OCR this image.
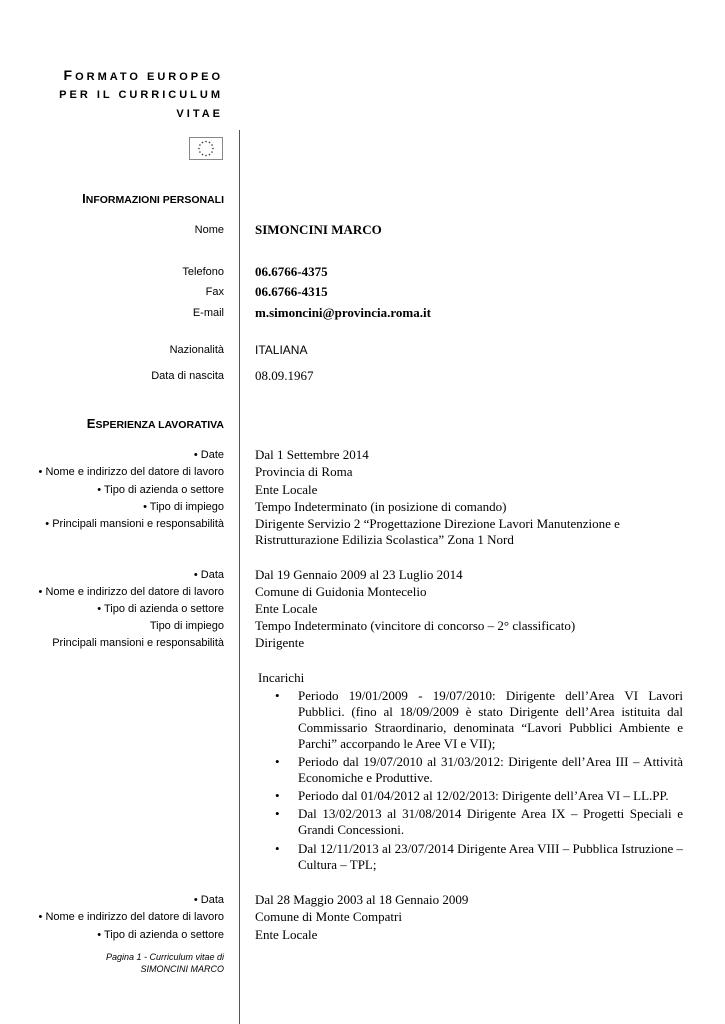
FORMATO EUROPEO
PER IL CURRICULUM
VITAE
INFORMAZIONI PERSONALI
Nome SIMONCINI MARCO
Telefono 06.6766-4375
Fax 06.6766-4315
E-mail m.simoncini@provincia.roma.it
Nazionalità	ITALIANA
Data di nascita 08.09.1967
ESPERIENZA LAVORATIVA
• Date
• Nome e indirizzo del datore di lavoro
• Tipo di azienda o settore
• Tipo di impiego
• Principali mansioni e responsabilità
Dal 1 Settembre 2014
Provincia di Roma
Ente Locale
Tempo Indeterminato (in posizione di comando)
Dirigente Servizio 2 “Progettazione Direzione Lavori Manutenzione e Ristrutturazione Edilizia Scolastica” Zona 1 Nord
• Data
• Nome e indirizzo del datore di lavoro
• Tipo di azienda o settore
Tipo di impiego
Principali mansioni e responsabilità
Dal 19 Gennaio 2009 al 23 Luglio 2014
Comune di Guidonia Montecelio
Ente Locale
Tempo Indeterminato (vincitore di concorso – 2° classificato)
Dirigente
Incarichi
• Periodo 19/01/2009 - 19/07/2010: Dirigente dell’Area VI Lavori Pubblici. (fino al 18/09/2009 è stato Dirigente dell’Area istituita dal Commissario Straordinario, denominata “Lavori Pubblici Ambiente e Parchi” accorpando le Aree VI e VII);
• Periodo dal 19/07/2010 al 31/03/2012: Dirigente dell’Area III – Attività Economiche e Produttive.
• Periodo dal 01/04/2012 al 12/02/2013: Dirigente dell’Area VI – LL.PP.
• Dal 13/02/2013 al 31/08/2014 Dirigente Area IX – Progetti Speciali e Grandi Concessioni.
• Dal 12/11/2013 al 23/07/2014 Dirigente Area VIII – Pubblica Istruzione – Cultura – TPL;
• Data
• Nome e indirizzo del datore di lavoro
• Tipo di azienda o settore
Dal 28 Maggio 2003 al 18 Gennaio 2009
Comune di Monte Compatri
Ente Locale
Pagina 1 - Curriculum vitae di
SIMONCINI MARCO
